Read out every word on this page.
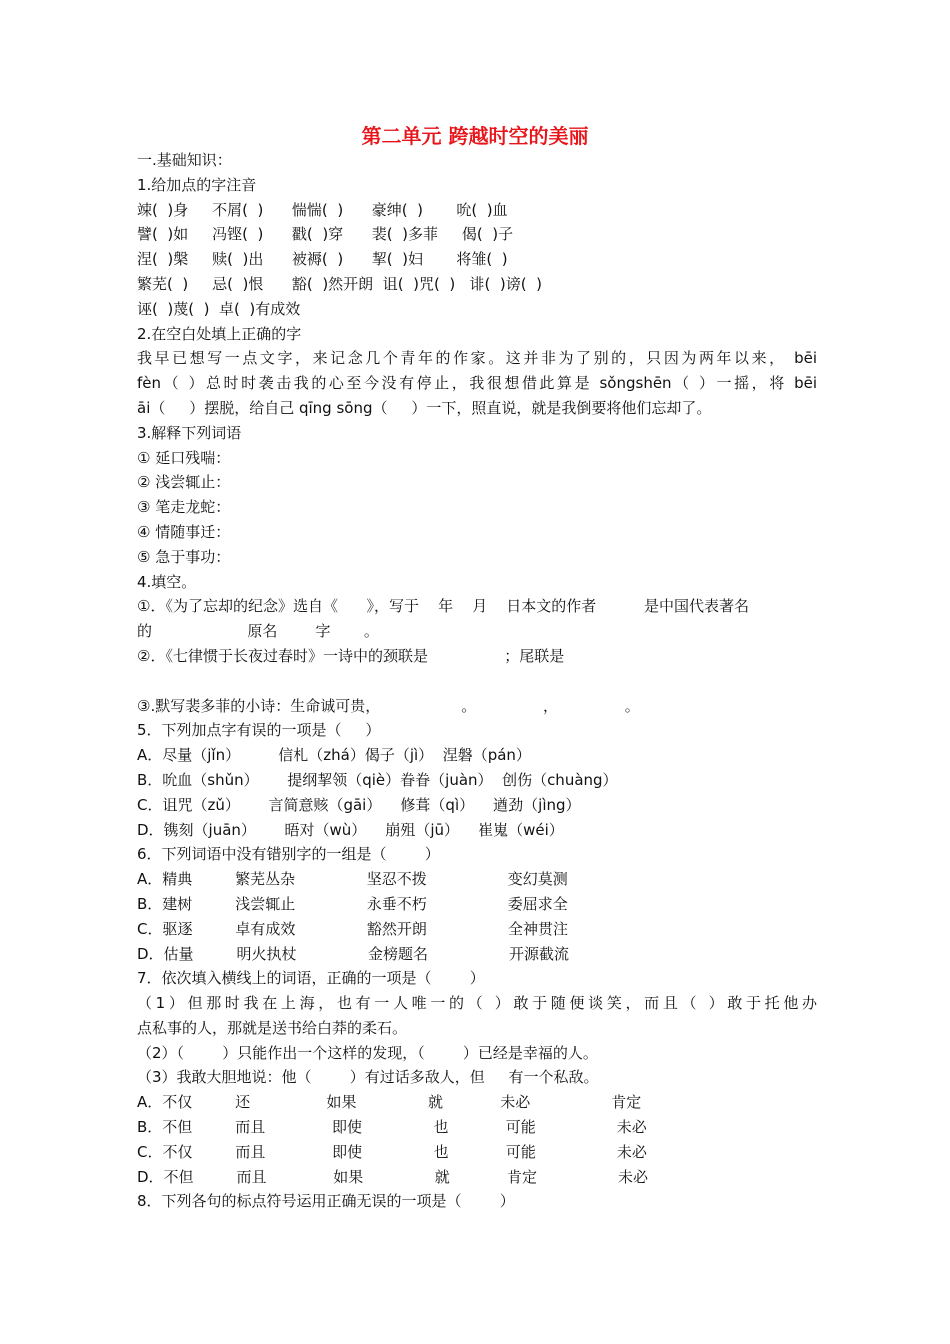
第二单元 跨越时空的美丽
一.基础知识：
1.给加点的字注音
竦(  )身     不屑(  )      惴惴(  )      豪绅(  )       吮(  )血
譬(  )如     冯铿(  )      戳(  )穿      裴(  )多菲     偈(  )子
涅(  )槃     赎(  )出      被褥(  )      挈(  )妇       将雏(  )
繁芜(  )     忌(  )恨      豁(  )然开朗  诅(  )咒(  )   诽(  )谤(  )
诬(  )蔑(  )  卓(  )有成效
2.在空白处填上正确的字
我早已想写一点文字，来记念几个青年的作家。这并非为了别的，只因为两年以来， bēi
fèn（ ）总时时袭击我的心至今没有停止，我很想借此算是 sǒngshēn（ ）一摇，将 bēi
āi（     ）摆脱，给自己 qīng sōng（     ）一下，照直说，就是我倒要将他们忘却了。
3.解释下列词语
① 延口残喘：
② 浅尝辄止：
③ 笔走龙蛇：
④ 情随事迁：
⑤ 急于事功：
4.填空。
①．《为了忘却的纪念》选自《      》，写于    年    月    日本文的作者          是中国代表著名
的                    原名        字       。
②．《七律惯于长夜过春时》一诗中的颈联是                ；尾联是
③.默写裴多菲的小诗：生命诚可贵，                 。              ，              。
5．下列加点字有误的一项是（     ）
A．尽量（jǐn）        信札（zhá）偈子（jì）  涅磐（pán）
B．吮血（shǔn）      提纲挈领（qiè）眷眷（juàn）  创伤（chuàng）
C．诅咒（zǔ）      言简意赅（gāi）    修葺（qì）    遒劲（jìng）
D．镌刻（juān）      晤对（wù）    崩殂（jū）    崔嵬（wéi）
6．下列词语中没有错别字的一组是（        ）
A．精典         繁芜丛杂               坚忍不拨                 变幻莫测
B．建树         浅尝辄止               永垂不朽                 委屈求全
C．驱逐         卓有成效               豁然开朗                 全神贯注
D．估量         明火执杖               金榜题名                 开源截流
7．依次填入横线上的词语，正确的一项是（        ）
（1）但那时我在上海，也有一人唯一的（ ）敢于随便谈笑，而且（ ）敢于托他办
点私事的人，那就是送书给白莽的柔石。
（2）（        ）只能作出一个这样的发现，（        ）已经是幸福的人。
（3）我敢大胆地说：他（        ）有过话多敌人，但     有一个私敌。
A．不仅         还                如果               就            未必                 肯定
B．不但         而且              即使               也            可能                 未必
C．不仅         而且              即使               也            可能                 未必
D．不但         而且              如果               就            肯定                 未必
8．下列各句的标点符号运用正确无误的一项是（        ）
